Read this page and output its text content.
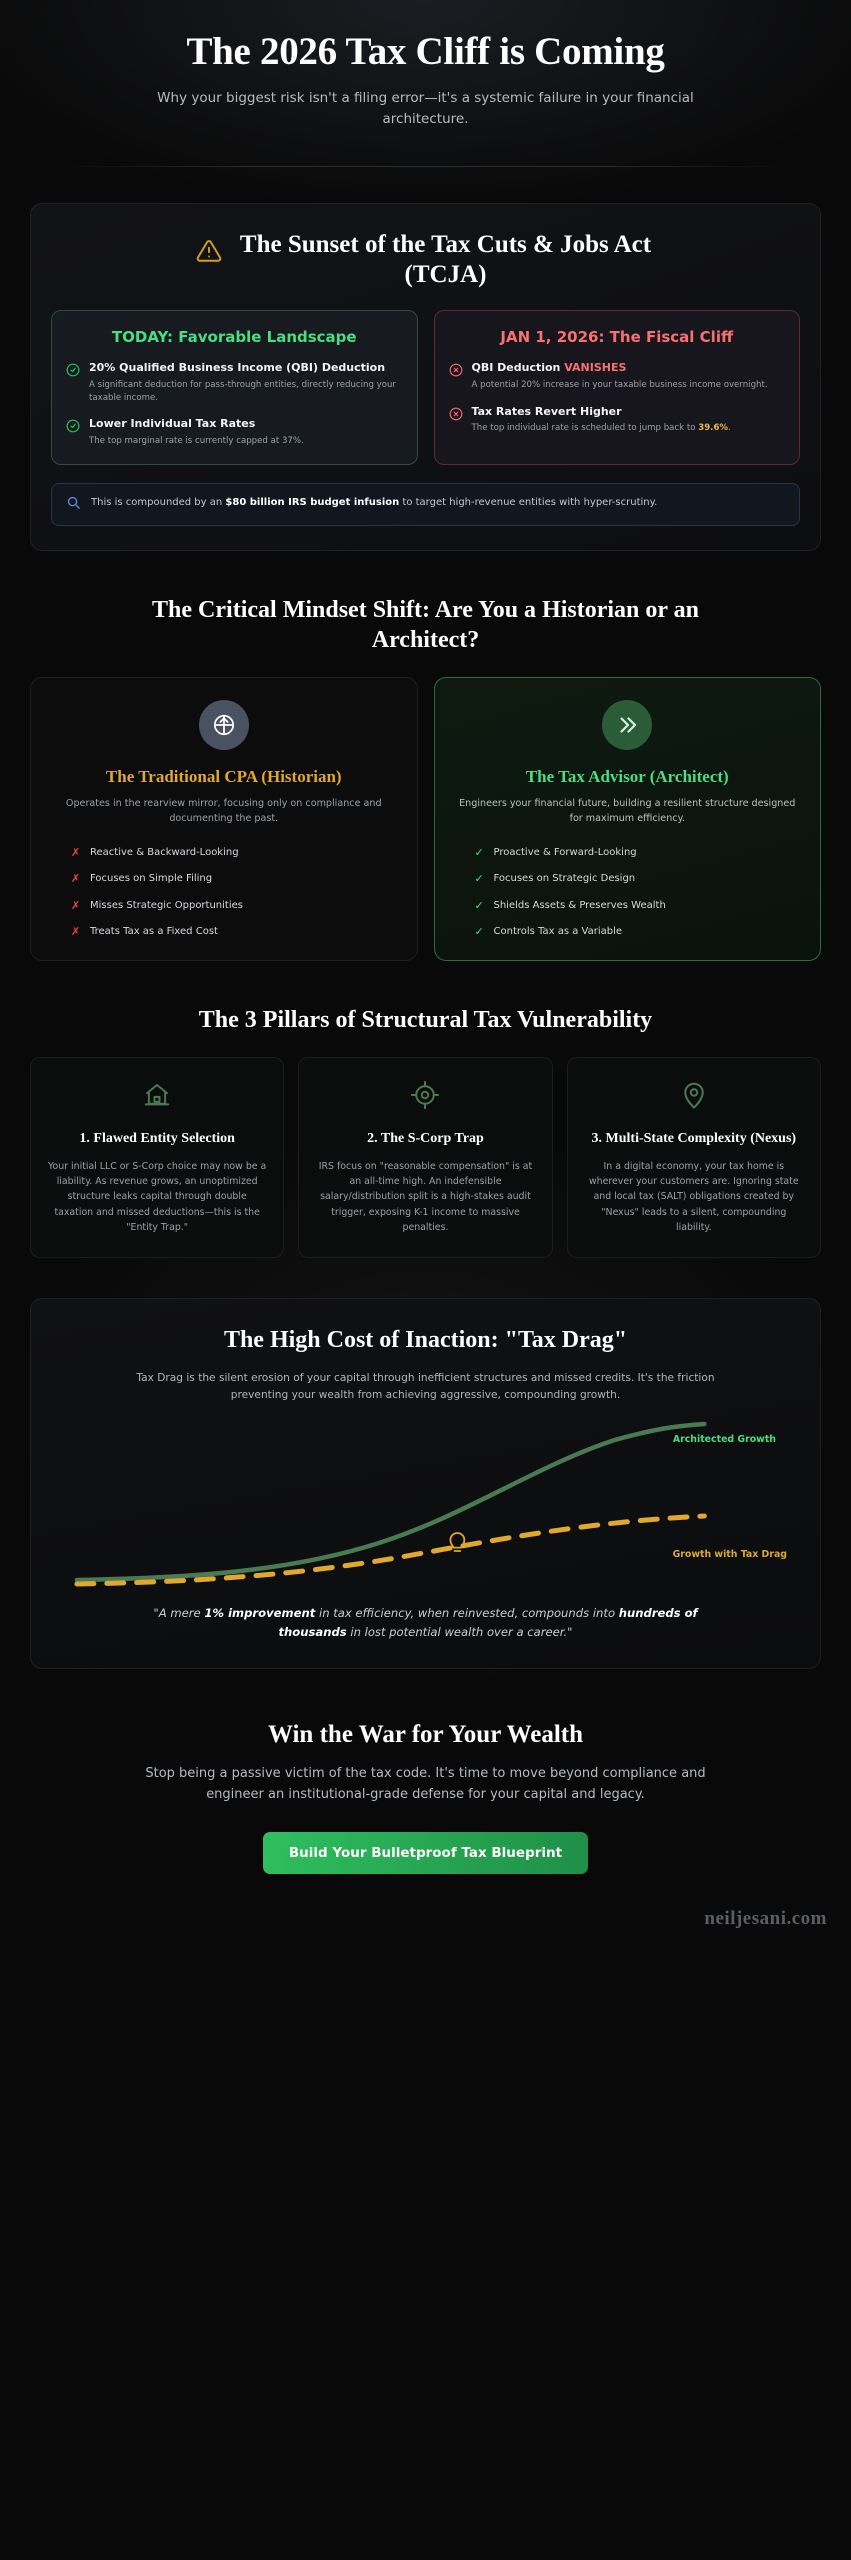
The 2026 Tax Cliff is Coming

Why your biggest risk isn't a filing error—it's a systemic failure in your financial architecture.

The Sunset of the Tax Cuts & Jobs Act (TCJA)
TODAY: Favorable Landscape
20% Qualified Business Income (QBI) Deduction
A significant deduction for pass-through entities, directly reducing your taxable income.
Lower Individual Tax Rates
The top marginal rate is currently capped at 37%.
JAN 1, 2026: The Fiscal Cliff
QBI Deduction VANISHES
A potential 20% increase in your taxable business income overnight.
Tax Rates Revert Higher
The top individual rate is scheduled to jump back to 39.6%.
This is compounded by an $80 billion IRS budget infusion to target high-revenue entities with hyper-scrutiny.
The Critical Mindset Shift: Are You a Historian or an Architect?
The Traditional CPA (Historian)

Operates in the rearview mirror, focusing only on compliance and documenting the past.

✗ Reactive & Backward-Looking
✗ Focuses on Simple Filing
✗ Misses Strategic Opportunities
✗ Treats Tax as a Fixed Cost
The Tax Advisor (Architect)

Engineers your financial future, building a resilient structure designed for maximum efficiency.

✓ Proactive & Forward-Looking
✓ Focuses on Strategic Design
✓ Shields Assets & Preserves Wealth
✓ Controls Tax as a Variable
The 3 Pillars of Structural Tax Vulnerability
1. Flawed Entity Selection

Your initial LLC or S-Corp choice may now be a liability. As revenue grows, an unoptimized structure leaks capital through double taxation and missed deductions—this is the "Entity Trap."

2. The S-Corp Trap

IRS focus on "reasonable compensation" is at an all-time high. An indefensible salary/distribution split is a high-stakes audit trigger, exposing K-1 income to massive penalties.

3. Multi-State Complexity (Nexus)

In a digital economy, your tax home is wherever your customers are. Ignoring state and local tax (SALT) obligations created by "Nexus" leads to a silent, compounding liability.

The High Cost of Inaction: "Tax Drag"

Tax Drag is the silent erosion of your capital through inefficient structures and missed credits. It's the friction preventing your wealth from achieving aggressive, compounding growth.

Architected Growth
Growth with Tax Drag

"A mere 1% improvement in tax efficiency, when reinvested, compounds into hundreds of thousands in lost potential wealth over a career."

Win the War for Your Wealth

Stop being a passive victim of the tax code. It's time to move beyond compliance and engineer an institutional-grade defense for your capital and legacy.

Build Your Bulletproof Tax Blueprint
neiljesani.com
